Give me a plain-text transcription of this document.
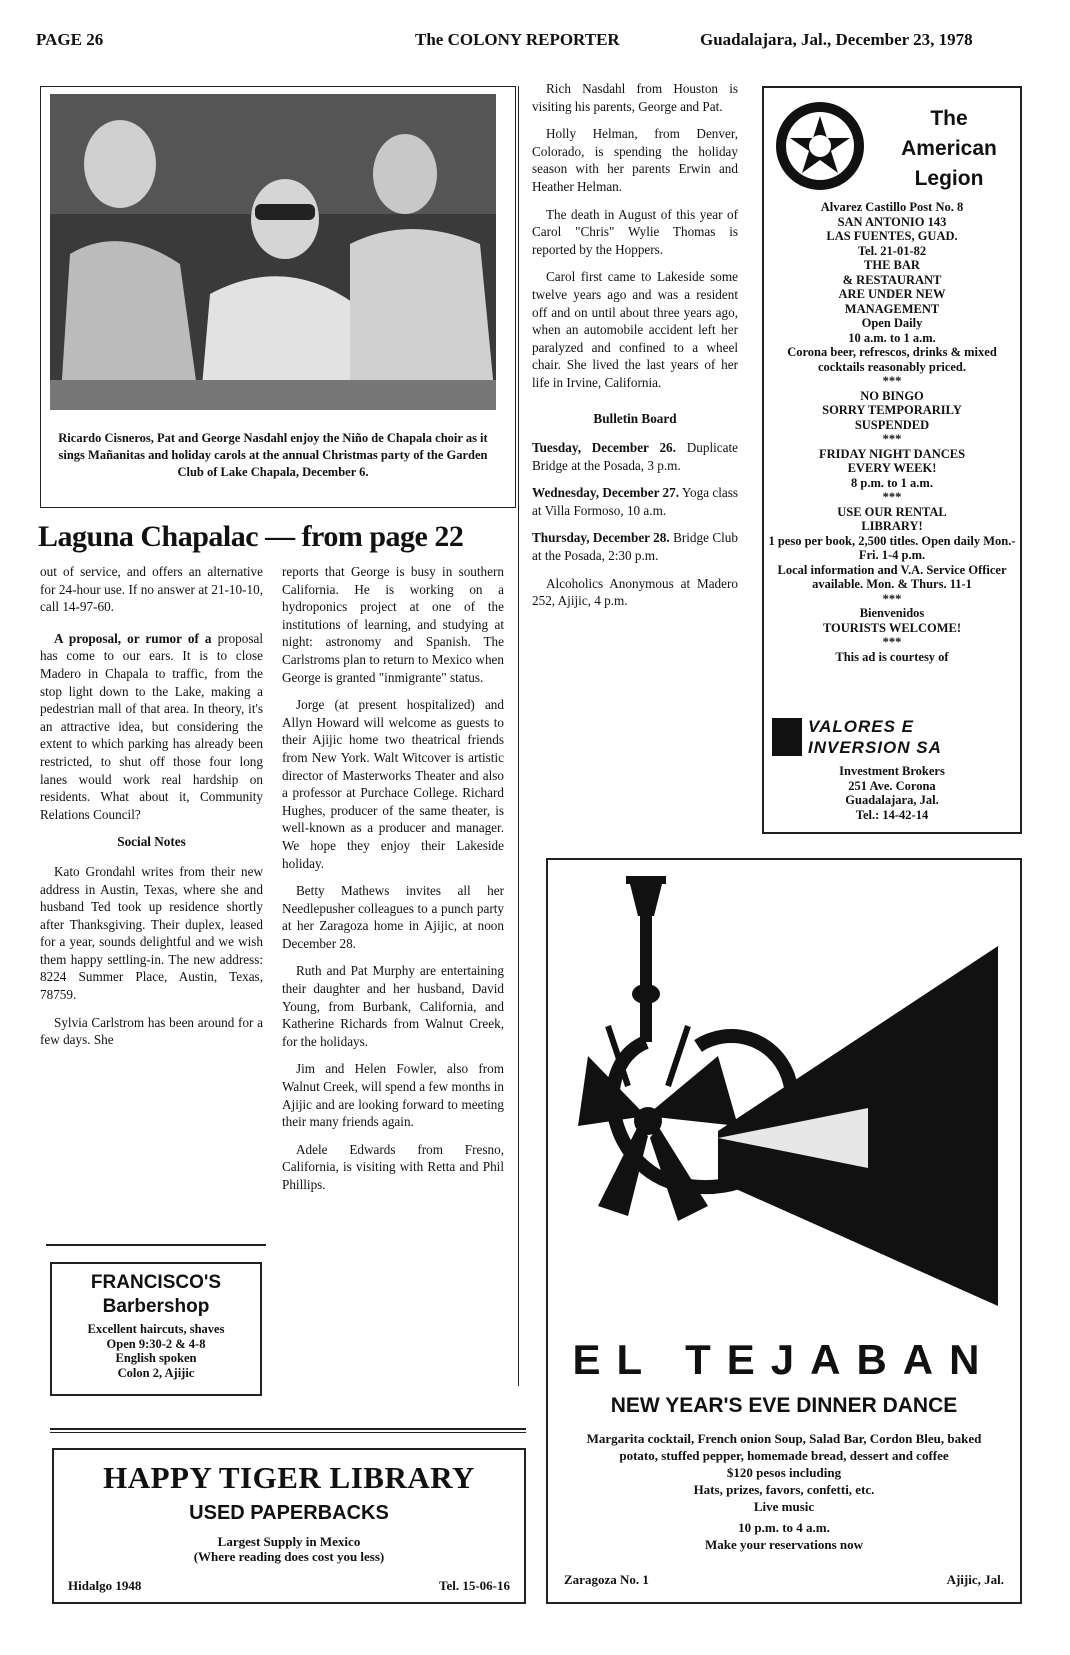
PAGE 26	The COLONY REPORTER	Guadalajara, Jal., December 23, 1978
Ricardo Cisneros, Pat and George Nasdahl enjoy the Niño de Chapala choir as it sings Mañanitas and holiday carols at the annual Christmas party of the Garden Club of Lake Chapala, December 6.
Laguna Chapalac — from page 22

out of service, and offers an alternative for 24-hour use. If no answer at 21-10-10, call 14-97-60.

A proposal, or rumor of a proposal has come to our ears. It is to close Madero in Chapala to traffic, from the stop light down to the Lake, making a pedestrian mall of that area. In theory, it's an attractive idea, but considering the extent to which parking has already been restricted, to shut off those four long lanes would work real hardship on residents. What about it, Community Relations Council?

Social Notes

Kato Grondahl writes from their new address in Austin, Texas, where she and husband Ted took up residence shortly after Thanksgiving. Their duplex, leased for a year, sounds delightful and we wish them happy settling-in. The new address: 8224 Summer Place, Austin, Texas, 78759.

Sylvia Carlstrom has been around for a few days. She

reports that George is busy in southern California. He is working on a hydroponics project at one of the institutions of learning, and studying at night: astronomy and Spanish. The Carlstroms plan to return to Mexico when George is granted "inmigrante" status.

Jorge (at present hospitalized) and Allyn Howard will welcome as guests to their Ajijic home two theatrical friends from New York. Walt Witcover is artistic director of Masterworks Theater and also a professor at Purchace College. Richard Hughes, producer of the same theater, is well-known as a producer and manager. We hope they enjoy their Lakeside holiday.

Betty Mathews invites all her Needlepusher colleagues to a punch party at her Zaragoza home in Ajijic, at noon December 28.

Ruth and Pat Murphy are entertaining their daughter and her husband, David Young, from Burbank, California, and Katherine Richards from Walnut Creek, for the holidays.

Jim and Helen Fowler, also from Walnut Creek, will spend a few months in Ajijic and are looking forward to meeting their many friends again.

Adele Edwards from Fresno, California, is visiting with Retta and Phil Phillips.

Rich Nasdahl from Houston is visiting his parents, George and Pat.

Holly Helman, from Denver, Colorado, is spending the holiday season with her parents Erwin and Heather Helman.

The death in August of this year of Carol "Chris" Wylie Thomas is reported by the Hoppers.

Carol first came to Lakeside some twelve years ago and was a resident off and on until about three years ago, when an automobile accident left her paralyzed and confined to a wheel chair. She lived the last years of her life in Irvine, California.

Bulletin Board

Tuesday, December 26. Duplicate Bridge at the Posada, 3 p.m.

Wednesday, December 27. Yoga class at Villa Formoso, 10 a.m.

Thursday, December 28. Bridge Club at the Posada, 2:30 p.m.

Alcoholics Anonymous at Madero 252, Ajijic, 4 p.m.

The
American
Legion
Alvarez Castillo Post No. 8
SAN ANTONIO 143
LAS FUENTES, GUAD.
Tel. 21-01-82
THE BAR
& RESTAURANT
ARE UNDER NEW
MANAGEMENT
Open Daily
10 a.m. to 1 a.m.
Corona beer, refrescos, drinks & mixed cocktails reasonably priced.
***
NO BINGO
SORRY TEMPORARILY
SUSPENDED
***
FRIDAY NIGHT DANCES
EVERY WEEK!
8 p.m. to 1 a.m.
***
USE OUR RENTAL
LIBRARY!
1 peso per book, 2,500 titles. Open daily Mon.-Fri. 1-4 p.m.
Local information and V.A. Service Officer available. Mon. & Thurs. 11-1
***
Bienvenidos
TOURISTS WELCOME!
***
This ad is courtesy of
VALORES E INVERSION SA
Investment Brokers
251 Ave. Corona
Guadalajara, Jal.
Tel.: 14-42-14
EL TEJABAN
NEW YEAR'S EVE DINNER DANCE
Margarita cocktail, French onion Soup, Salad Bar, Cordon Bleu, baked potato, stuffed pepper, homemade bread, dessert and coffee
$120 pesos including
Hats, prizes, favors, confetti, etc.
Live music
10 p.m. to 4 a.m.
Make your reservations now
Zaragoza No. 1	Ajijic, Jal.
FRANCISCO'S
Barbershop
Excellent haircuts, shaves
Open 9:30-2 & 4-8
English spoken
Colon 2, Ajijic
HAPPY TIGER LIBRARY
USED PAPERBACKS
Largest Supply in Mexico
(Where reading does cost you less)
Hidalgo 1948	Tel. 15-06-16
